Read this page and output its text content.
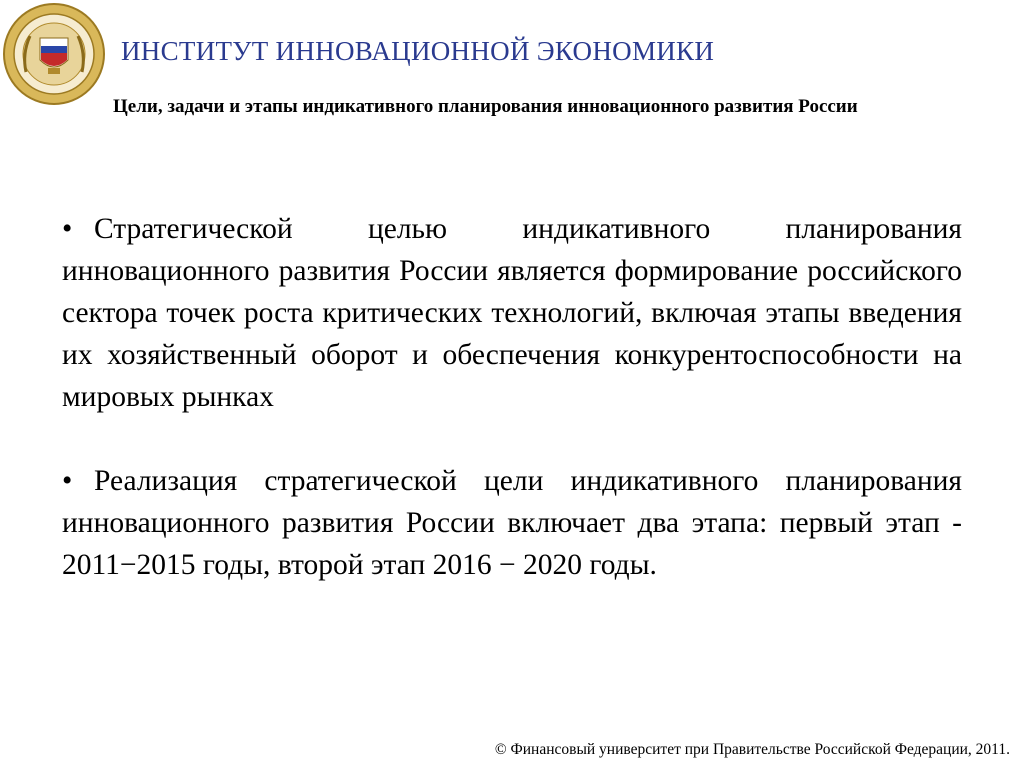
ИНСТИТУТ ИННОВАЦИОННОЙ ЭКОНОМИКИ
Цели, задачи и этапы индикативного планирования инновационного развития России
• Стратегической целью индикативного планирования инновационного развития России является формирование российского сектора точек роста критических технологий, включая этапы введения их хозяйственный оборот и обеспечения конкурентоспособности на мировых рынках
• Реализация стратегической цели индикативного планирования инновационного развития России включает два этапа: первый этап - 2011−2015 годы, второй этап 2016 − 2020 годы.
© Финансовый университет при Правительстве Российской Федерации, 2011.
